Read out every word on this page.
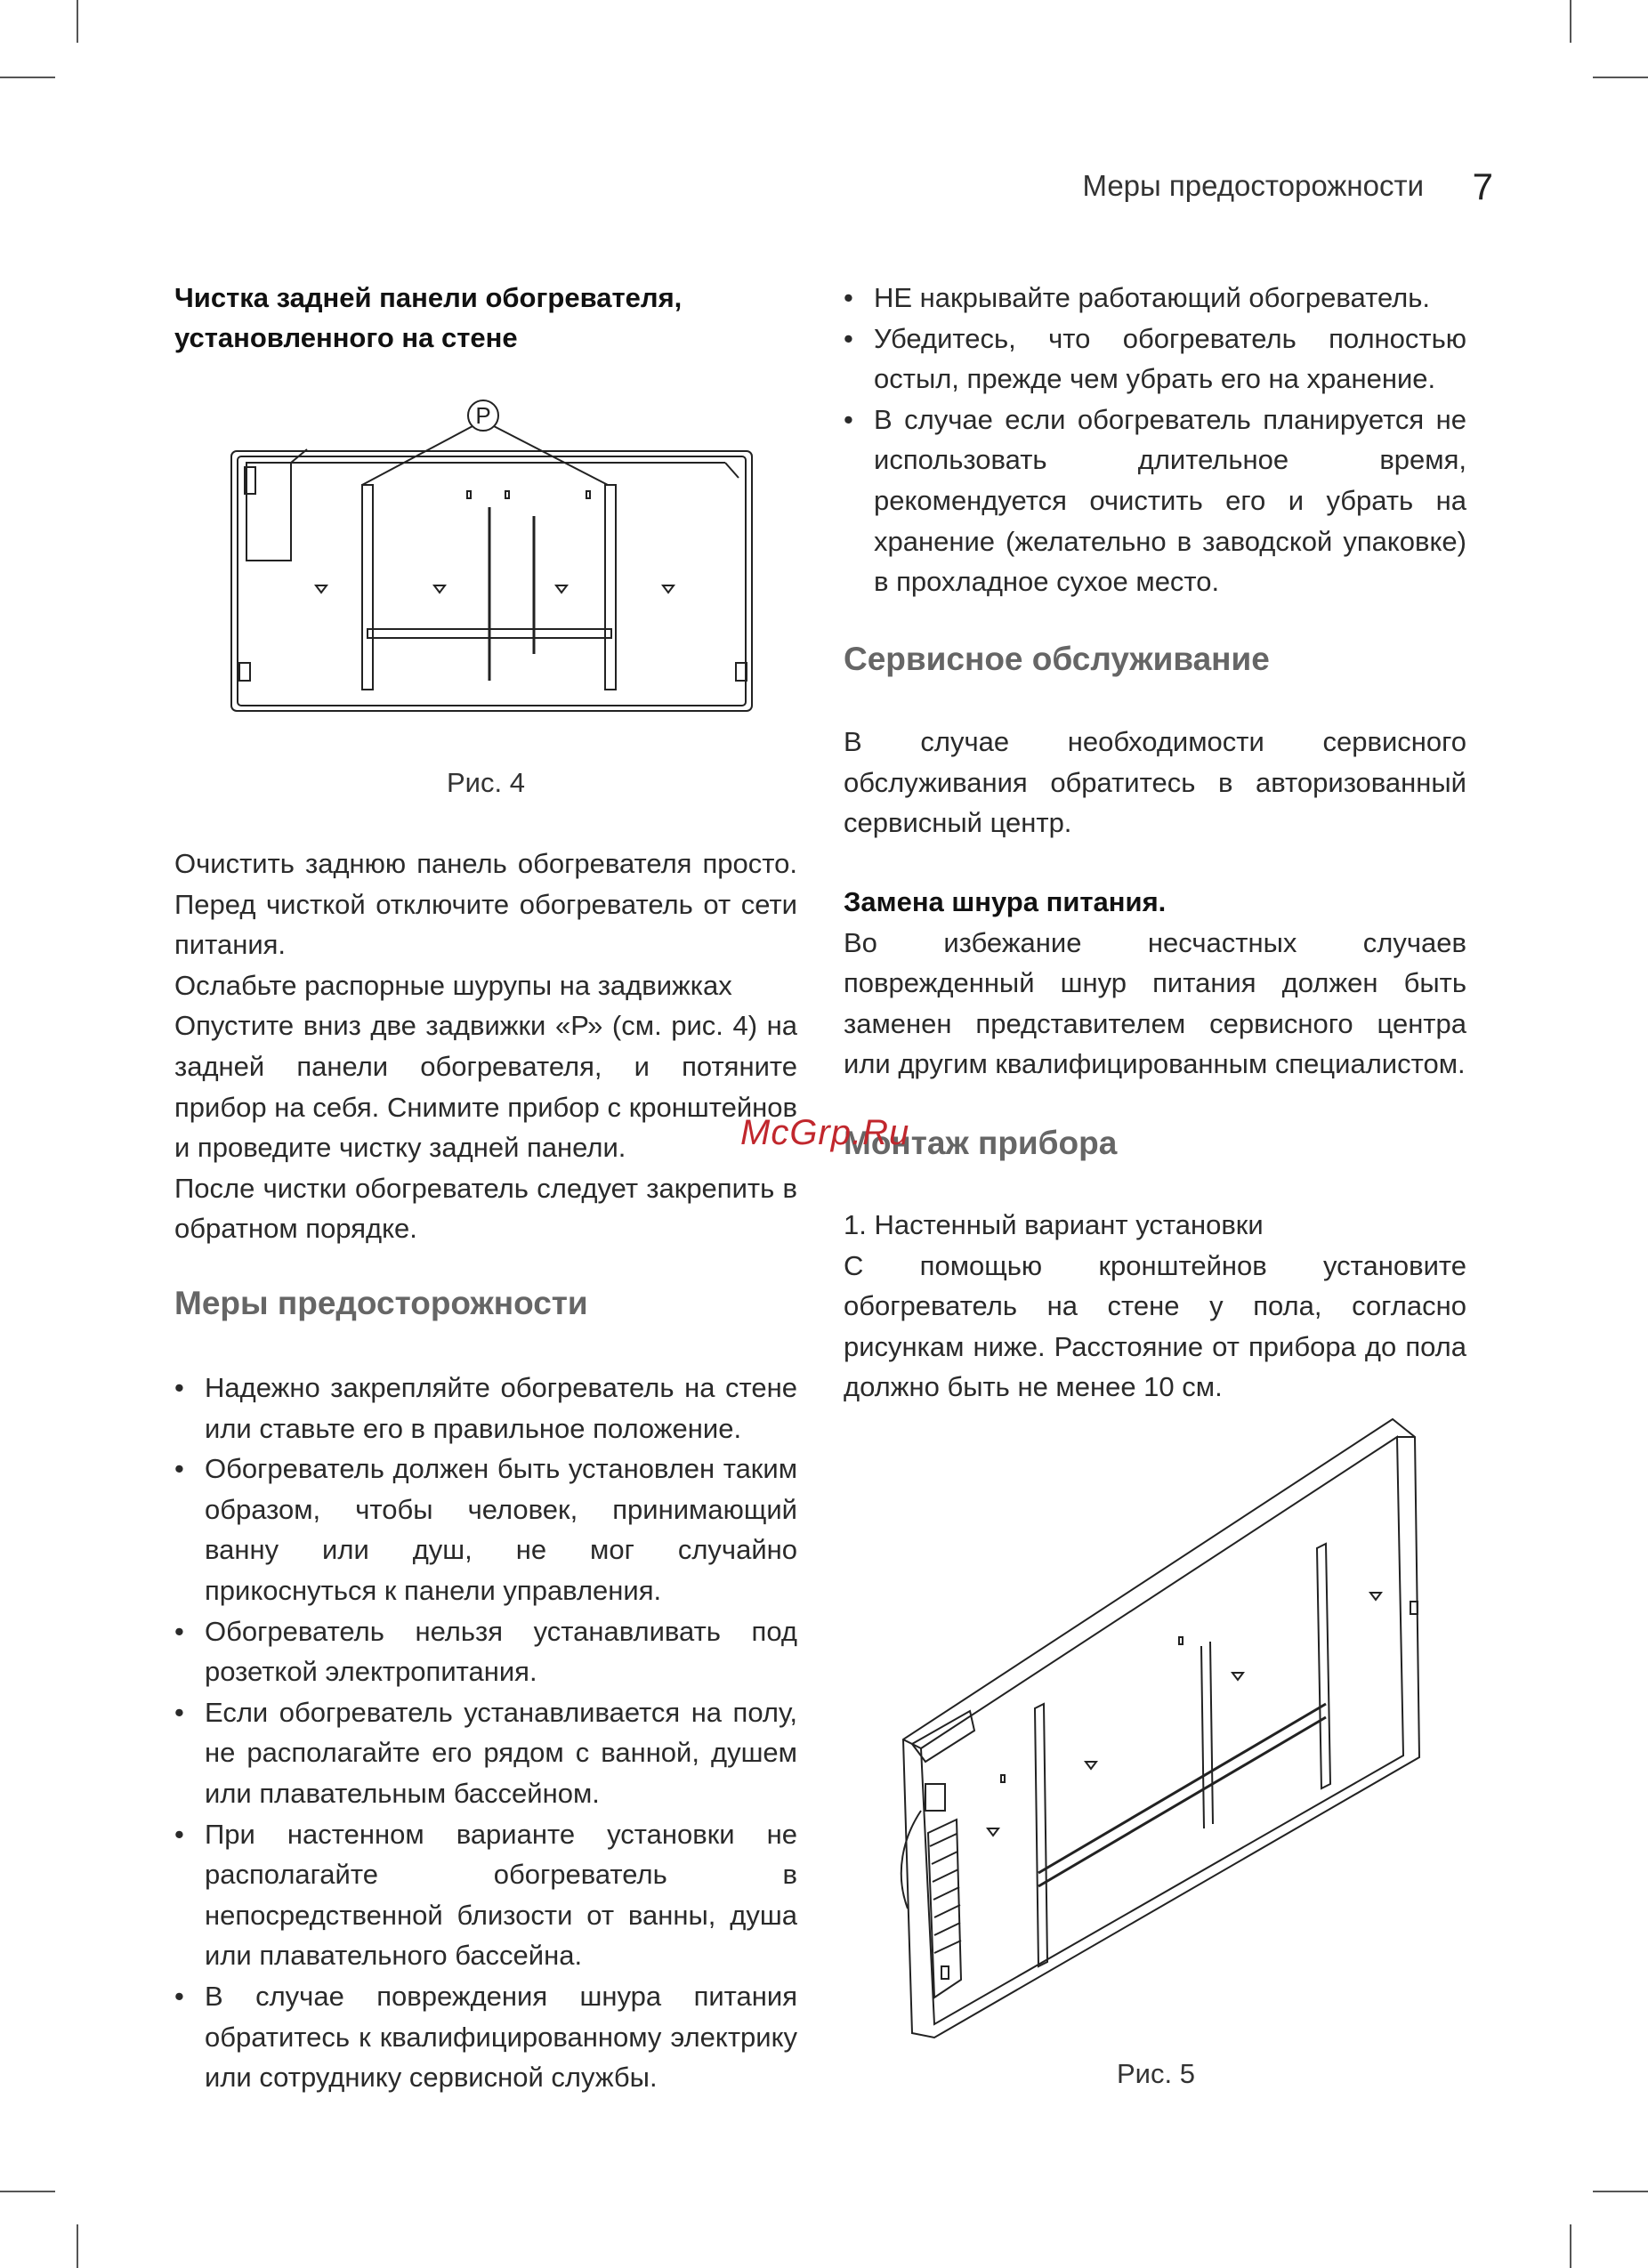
Меры предосторожности 7

Чистка задней панели обогревателя,
установленного на стене

P
Рис. 4

Очистить заднюю панель обогревателя просто. Перед чисткой отключите обогреватель от сети питания.

Ослабьте распорные шурупы на задвижках

Опустите вниз две задвижки «Р» (см. рис. 4) на задней панели обогревателя, и потяните прибор на себя. Снимите прибор с кронштейнов и проведите чистку задней панели.

После чистки обогреватель следует закрепить в обратном порядке.

Меры предосторожности

• Надежно закрепляйте обогреватель на стене или ставьте его в правильное положение.
• Обогреватель должен быть установлен таким образом, чтобы человек, принимающий ванну или душ, не мог случайно прикоснуться к панели управления.
• Обогреватель нельзя устанавливать под розеткой электропитания.
• Если обогреватель устанавливается на полу, не располагайте его рядом с ванной, душем или плавательным бассейном.
• При настенном варианте установки не располагайте обогреватель в непосредственной близости от ванны, душа или плавательного бассейна.
• В случае повреждения шнура питания обратитесь к квалифицированному электрику или сотруднику сервисной службы.
• НЕ накрывайте работающий обогреватель.
• Убедитесь, что обогреватель полностью остыл, прежде чем убрать его на хранение.
• В случае если обогреватель планируется не использовать длительное время, рекомендуется очистить его и убрать на хранение (желательно в заводской упаковке) в прохладное сухое место.

Сервисное обслуживание

В случае необходимости сервисного обслуживания обратитесь в авторизованный сервисный центр.

Замена шнура питания.

Во избежание несчастных случаев поврежденный шнур питания должен быть заменен представителем сервисного центра или другим квалифицированным специалистом.

Монтаж прибора

1. Настенный вариант установки

С помощью кронштейнов установите обогреватель на стене у пола, согласно рисункам ниже. Расстояние от прибора до пола должно быть не менее 10 см.

Рис. 5
McGrp.Ru
